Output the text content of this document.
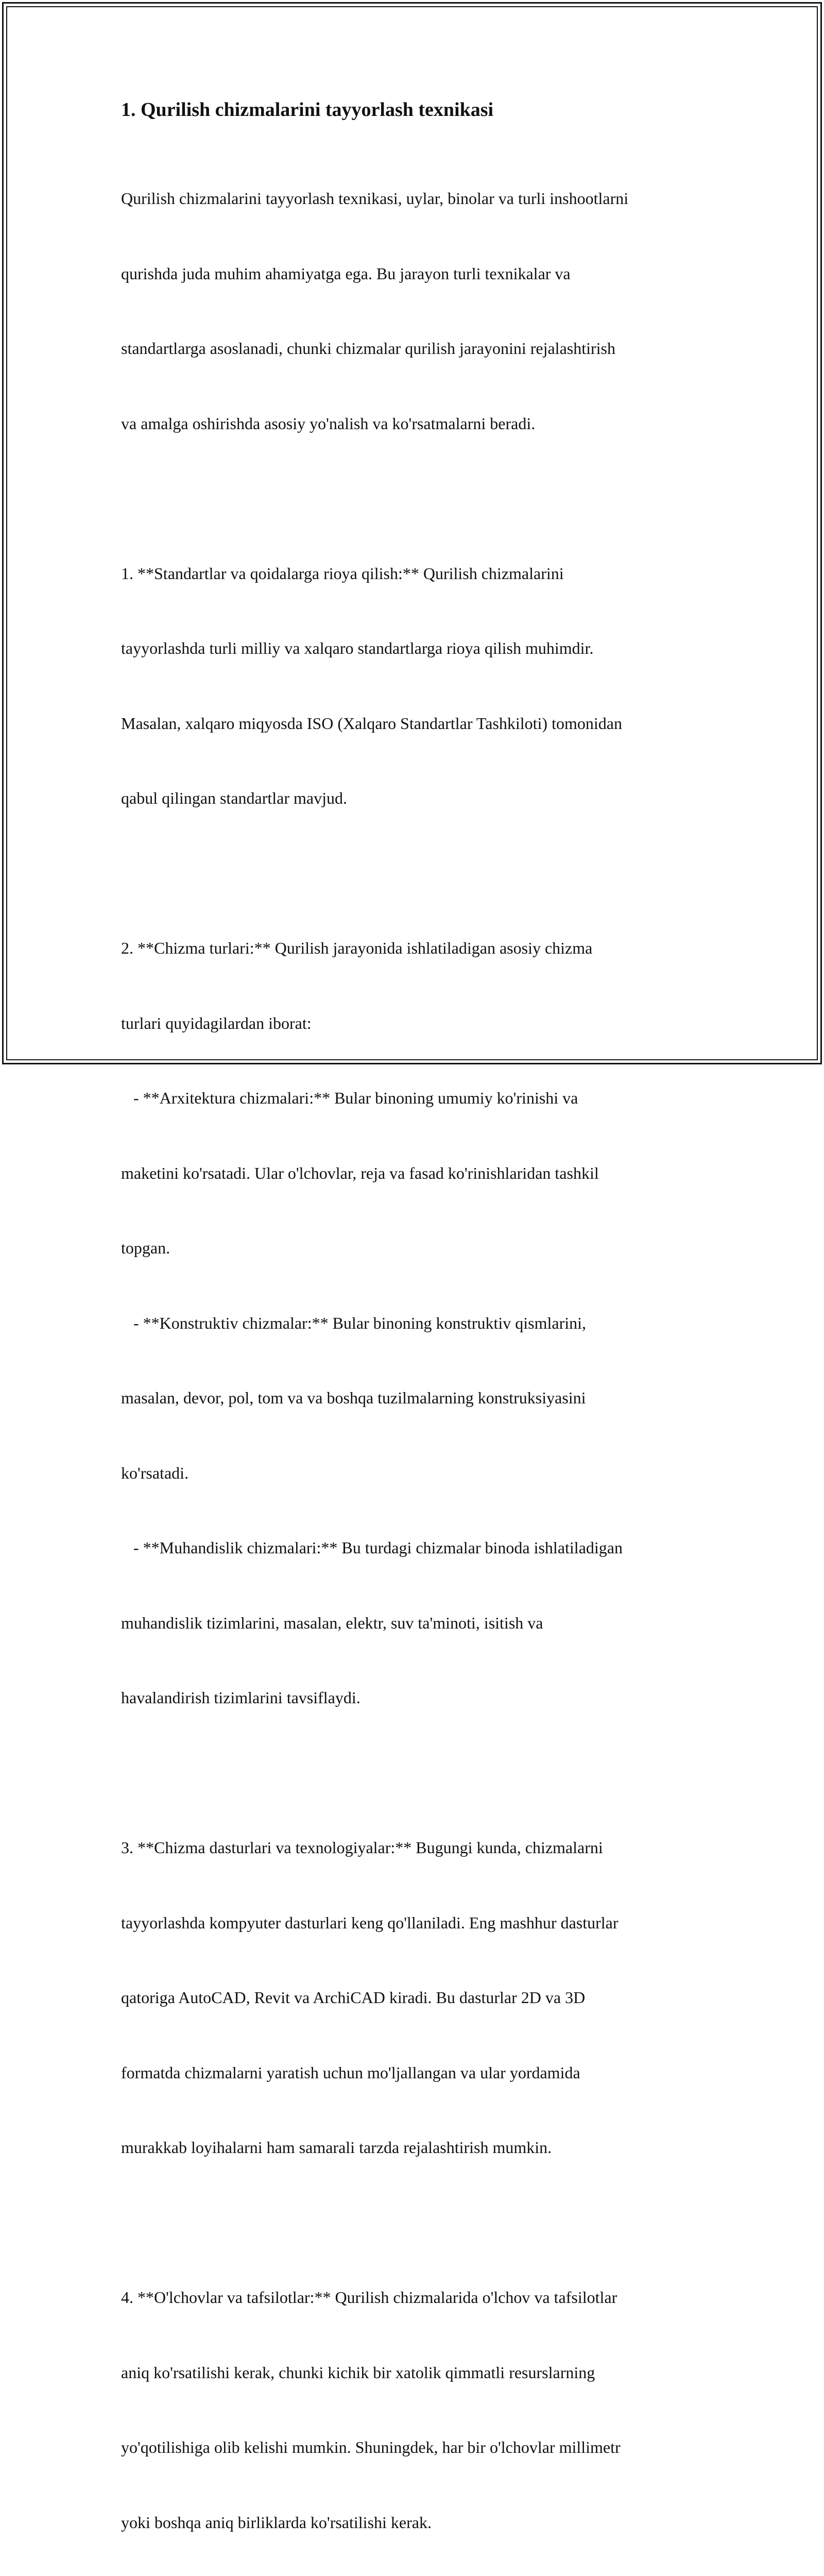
1. Qurilish chizmalarini tayyorlash texnikasi

Qurilish chizmalarini tayyorlash texnikasi, uylar, binolar va turli inshootlarni

qurishda juda muhim ahamiyatga ega. Bu jarayon turli texnikalar va

standartlarga asoslanadi, chunki chizmalar qurilish jarayonini rejalashtirish

va amalga oshirishda asosiy yo'nalish va ko'rsatmalarni beradi.

1. **Standartlar va qoidalarga rioya qilish:** Qurilish chizmalarini

tayyorlashda turli milliy va xalqaro standartlarga rioya qilish muhimdir.

Masalan, xalqaro miqyosda ISO (Xalqaro Standartlar Tashkiloti) tomonidan

qabul qilingan standartlar mavjud.

2. **Chizma turlari:** Qurilish jarayonida ishlatiladigan asosiy chizma

turlari quyidagilardan iborat:

- **Arxitektura chizmalari:** Bular binoning umumiy ko'rinishi va

maketini ko'rsatadi. Ular o'lchovlar, reja va fasad ko'rinishlaridan tashkil

topgan.

- **Konstruktiv chizmalar:** Bular binoning konstruktiv qismlarini,

masalan, devor, pol, tom va va boshqa tuzilmalarning konstruksiyasini

ko'rsatadi.

- **Muhandislik chizmalari:** Bu turdagi chizmalar binoda ishlatiladigan

muhandislik tizimlarini, masalan, elektr, suv ta'minoti, isitish va

havalandirish tizimlarini tavsiflaydi.

3. **Chizma dasturlari va texnologiyalar:** Bugungi kunda, chizmalarni

tayyorlashda kompyuter dasturlari keng qo'llaniladi. Eng mashhur dasturlar

qatoriga AutoCAD, Revit va ArchiCAD kiradi. Bu dasturlar 2D va 3D

formatda chizmalarni yaratish uchun mo'ljallangan va ular yordamida

murakkab loyihalarni ham samarali tarzda rejalashtirish mumkin.

4. **O'lchovlar va tafsilotlar:** Qurilish chizmalarida o'lchov va tafsilotlar

aniq ko'rsatilishi kerak, chunki kichik bir xatolik qimmatli resurslarning

yo'qotilishiga olib kelishi mumkin. Shuningdek, har bir o'lchovlar millimetr

yoki boshqa aniq birliklarda ko'rsatilishi kerak.
